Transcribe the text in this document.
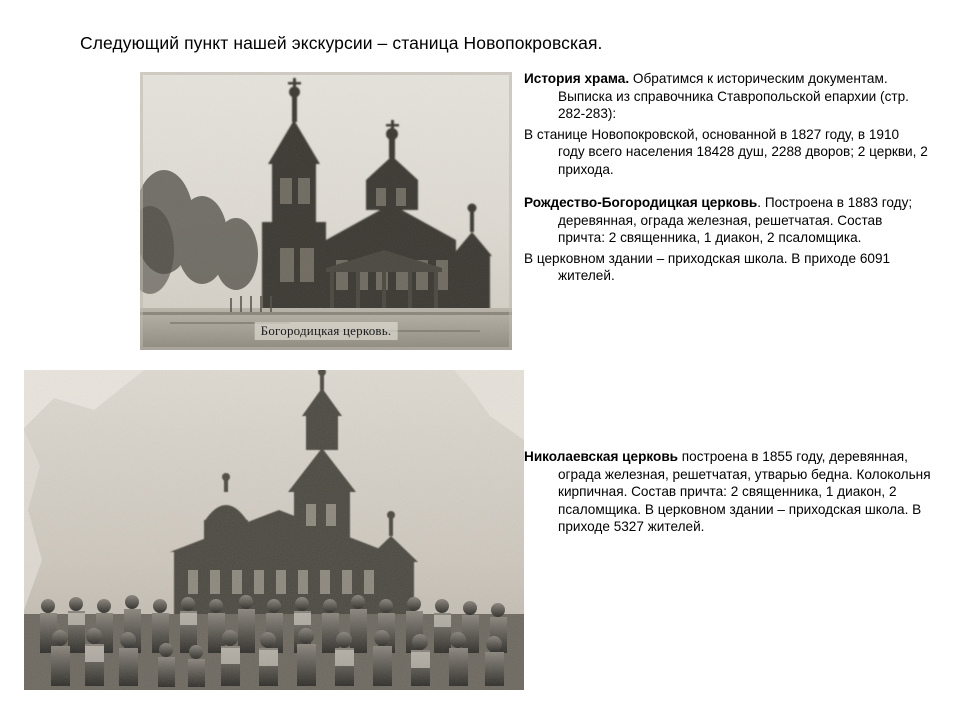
Следующий пункт нашей экскурсии – станица Новопокровская.
Богородицкая церковь.

История храма. Обратимся к историческим документам. Выписка из справочника Ставропольской епархии (стр. 282-283):

В станице Новопокровской, основанной в 1827 году, в 1910 году всего населения 18428 душ, 2288 дворов; 2 церкви, 2 прихода.

Рождество-Богородицкая церковь. Построена в 1883 году; деревянная, ограда железная, решетчатая. Состав причта: 2 священника, 1 диакон, 2 псаломщика.

В церковном здании – приходская школа. В приходе 6091 жителей.

Николаевская церковь построена в 1855 году, деревянная, ограда железная, решетчатая, утварью бедна. Колокольня кирпичная. Состав причта: 2 священника, 1 диакон, 2 псаломщика. В церковном здании – приходская школа. В приходе 5327 жителей.
